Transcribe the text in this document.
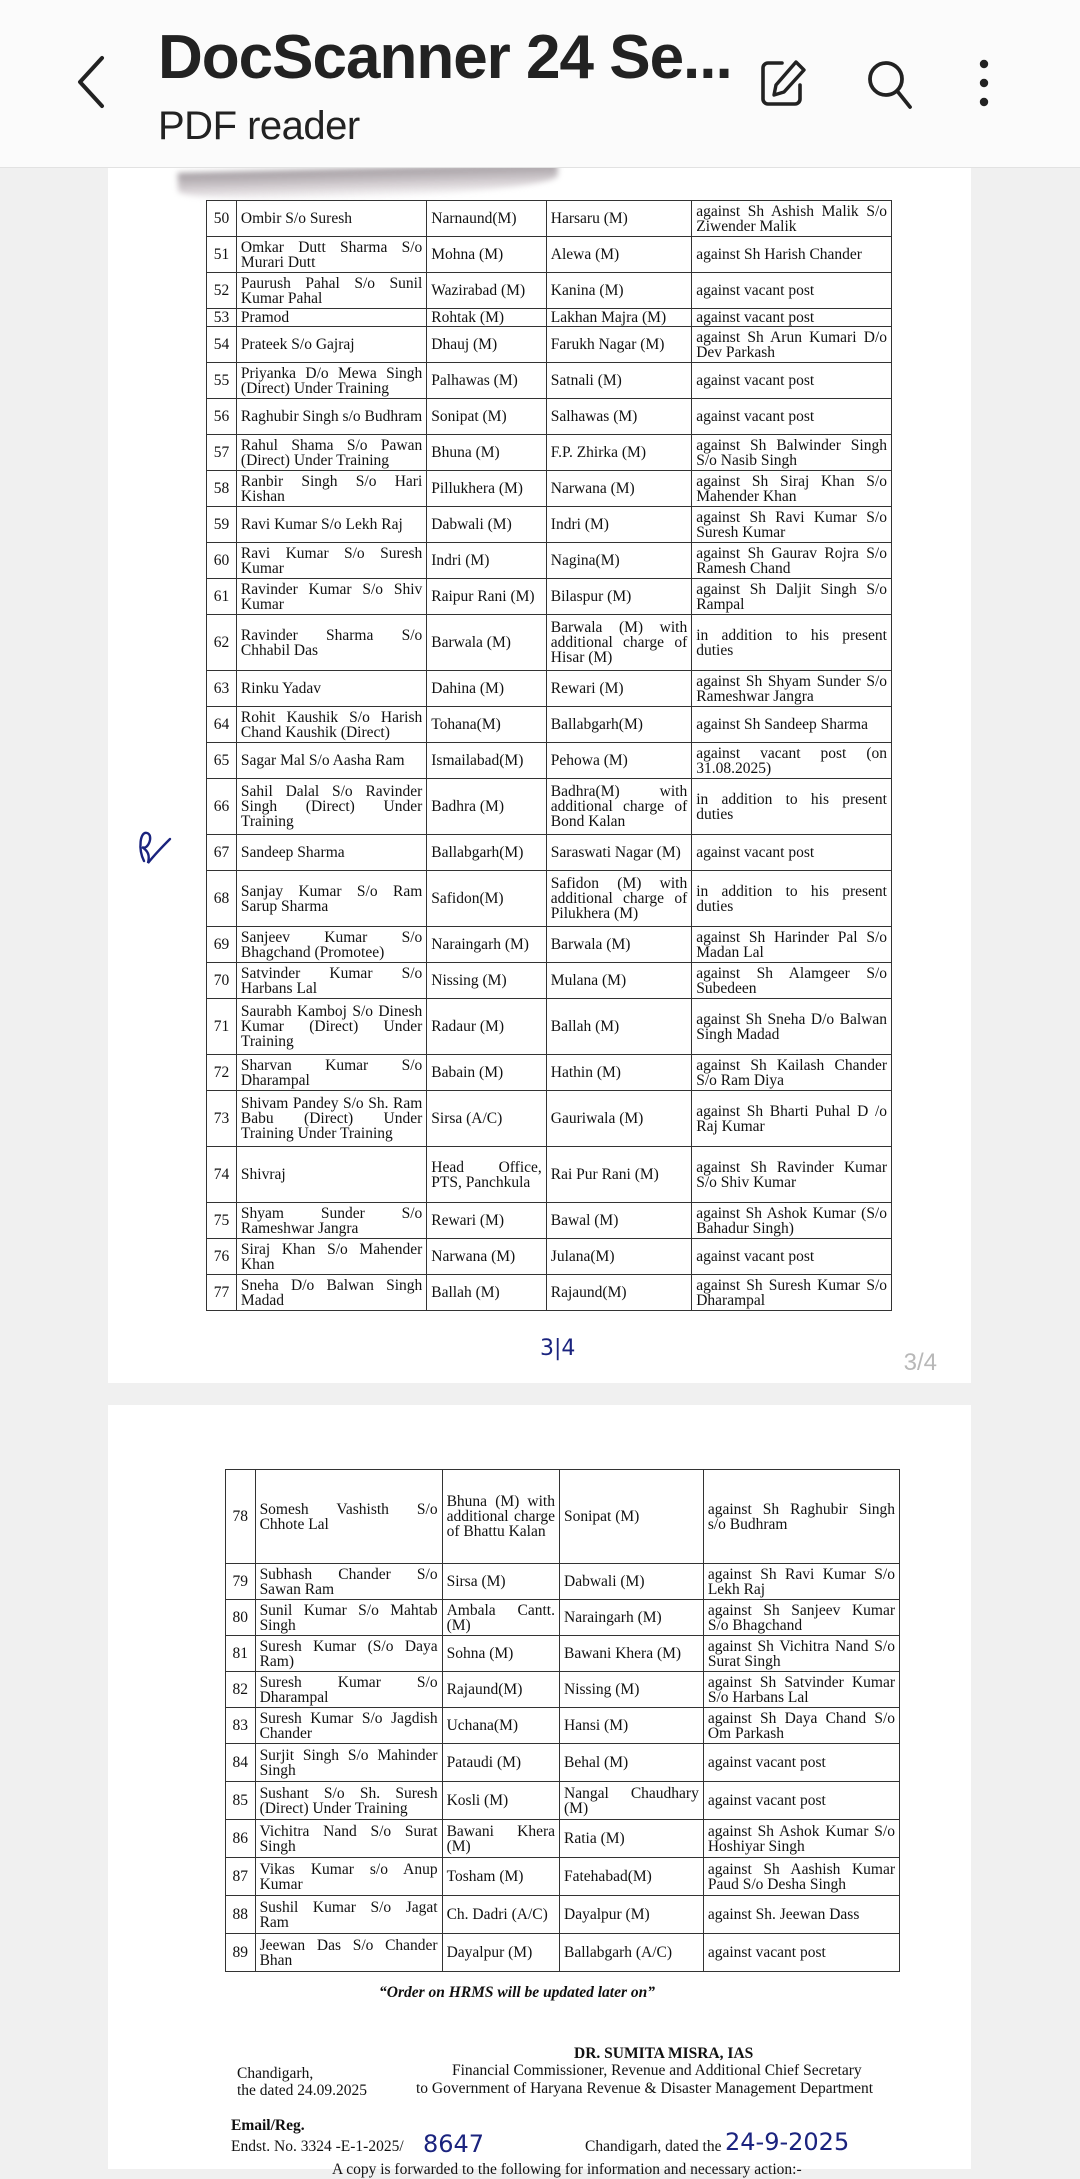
DocScanner 24 Se...
PDF reader
50	Ombir S/o Suresh	Narnaund(M)	Harsaru (M)	against Sh Ashish Malik S/o Ziwender Malik
51	Omkar Dutt Sharma S/o Murari Dutt	Mohna (M)	Alewa (M)	against Sh Harish Chander
52	Paurush Pahal S/o Sunil Kumar Pahal	Wazirabad (M)	Kanina (M)	against vacant post
53	Pramod	Rohtak (M)	Lakhan Majra (M)	against vacant post
54	Prateek S/o Gajraj	Dhauj (M)	Farukh Nagar (M)	against Sh Arun Kumari D/o Dev Parkash
55	Priyanka D/o Mewa Singh (Direct) Under Training	Palhawas (M)	Satnali (M)	against vacant post
56	Raghubir Singh s/o Budhram	Sonipat (M)	Salhawas (M)	against vacant post
57	Rahul Shama S/o Pawan (Direct) Under Training	Bhuna (M)	F.P. Zhirka (M)	against Sh Balwinder Singh S/o Nasib Singh
58	Ranbir Singh S/o Hari Kishan	Pillukhera (M)	Narwana (M)	against Sh Siraj Khan S/o Mahender Khan
59	Ravi Kumar S/o Lekh Raj	Dabwali (M)	Indri (M)	against Sh Ravi Kumar S/o Suresh Kumar
60	Ravi Kumar S/o Suresh Kumar	Indri (M)	Nagina(M)	against Sh Gaurav Rojra S/o Ramesh Chand
61	Ravinder Kumar S/o Shiv Kumar	Raipur Rani (M)	Bilaspur (M)	against Sh Daljit Singh S/o Rampal
62	Ravinder Sharma S/o Chhabil Das	Barwala (M)	Barwala (M) with additional charge of Hisar (M)	in addition to his present duties
63	Rinku Yadav	Dahina (M)	Rewari (M)	against Sh Shyam Sunder S/o Rameshwar Jangra
64	Rohit Kaushik S/o Harish Chand Kaushik (Direct)	Tohana(M)	Ballabgarh(M)	against Sh Sandeep Sharma
65	Sagar Mal S/o Aasha Ram	Ismailabad(M)	Pehowa (M)	against vacant post (on 31.08.2025)
66	Sahil Dalal S/o Ravinder Singh (Direct) Under Training	Badhra (M)	Badhra(M) with additional charge of Bond Kalan	in addition to his present duties
67	Sandeep Sharma	Ballabgarh(M)	Saraswati Nagar (M)	against vacant post
68	Sanjay Kumar S/o Ram Sarup Sharma	Safidon(M)	Safidon (M) with additional charge of Pilukhera (M)	in addition to his present duties
69	Sanjeev Kumar S/o Bhagchand (Promotee)	Naraingarh (M)	Barwala (M)	against Sh Harinder Pal S/o Madan Lal
70	Satvinder Kumar S/o Harbans Lal	Nissing (M)	Mulana (M)	against Sh Alamgeer S/o Subedeen
71	Saurabh Kamboj S/o Dinesh Kumar (Direct) Under Training	Radaur (M)	Ballah (M)	against Sh Sneha D/o Balwan Singh Madad
72	Sharvan Kumar S/o Dharampal	Babain (M)	Hathin (M)	against Sh Kailash Chander S/o Ram Diya
73	Shivam Pandey S/o Sh. Ram Babu (Direct) Under Training Under Training	Sirsa (A/C)	Gauriwala (M)	against Sh Bharti Puhal D /o Raj Kumar
74	Shivraj	Head Office, PTS, Panchkula	Rai Pur Rani (M)	against Sh Ravinder Kumar S/o Shiv Kumar
75	Shyam Sunder S/o Rameshwar Jangra	Rewari (M)	Bawal (M)	against Sh Ashok Kumar (S/o Bahadur Singh)
76	Siraj Khan S/o Mahender Khan	Narwana (M)	Julana(M)	against vacant post
77	Sneha D/o Balwan Singh Madad	Ballah (M)	Rajaund(M)	against Sh Suresh Kumar S/o Dharampal
3|4
3/4
78	Somesh Vashisth S/o Chhote Lal	Bhuna (M) with additional charge of Bhattu Kalan	Sonipat (M)	against Sh Raghubir Singh s/o Budhram
79	Subhash Chander S/o Sawan Ram	Sirsa (M)	Dabwali (M)	against Sh Ravi Kumar S/o Lekh Raj
80	Sunil Kumar S/o Mahtab Singh	Ambala Cantt. (M)	Naraingarh (M)	against Sh Sanjeev Kumar S/o Bhagchand
81	Suresh Kumar (S/o Daya Ram)	Sohna (M)	Bawani Khera (M)	against Sh Vichitra Nand S/o Surat Singh
82	Suresh Kumar S/o Dharampal	Rajaund(M)	Nissing (M)	against Sh Satvinder Kumar S/o Harbans Lal
83	Suresh Kumar S/o Jagdish Chander	Uchana(M)	Hansi (M)	against Sh Daya Chand S/o Om Parkash
84	Surjit Singh S/o Mahinder Singh	Pataudi (M)	Behal (M)	against vacant post
85	Sushant S/o Sh. Suresh (Direct) Under Training	Kosli (M)	Nangal Chaudhary (M)	against vacant post
86	Vichitra Nand S/o Surat Singh	Bawani Khera (M)	Ratia (M)	against Sh Ashok Kumar S/o Hoshiyar Singh
87	Vikas Kumar s/o Anup Kumar	Tosham (M)	Fatehabad(M)	against Sh Aashish Kumar Paud S/o Desha Singh
88	Sushil Kumar S/o Jagat Ram	Ch. Dadri (A/C)	Dayalpur (M)	against Sh. Jeewan Dass
89	Jeewan Das S/o Chander Bhan	Dayalpur (M)	Ballabgarh (A/C)	against vacant post
“Order on HRMS will be updated later on”
DR. SUMITA MISRA, IAS
Financial Commissioner, Revenue and Additional Chief Secretary
to Government of Haryana Revenue & Disaster Management Department
Chandigarh,
the dated 24.09.2025
Email/Reg.
Endst. No. 3324 -E-1-2025/ 8647	Chandigarh, dated the 24-9-2025
A copy is forwarded to the following for information and necessary action:-
